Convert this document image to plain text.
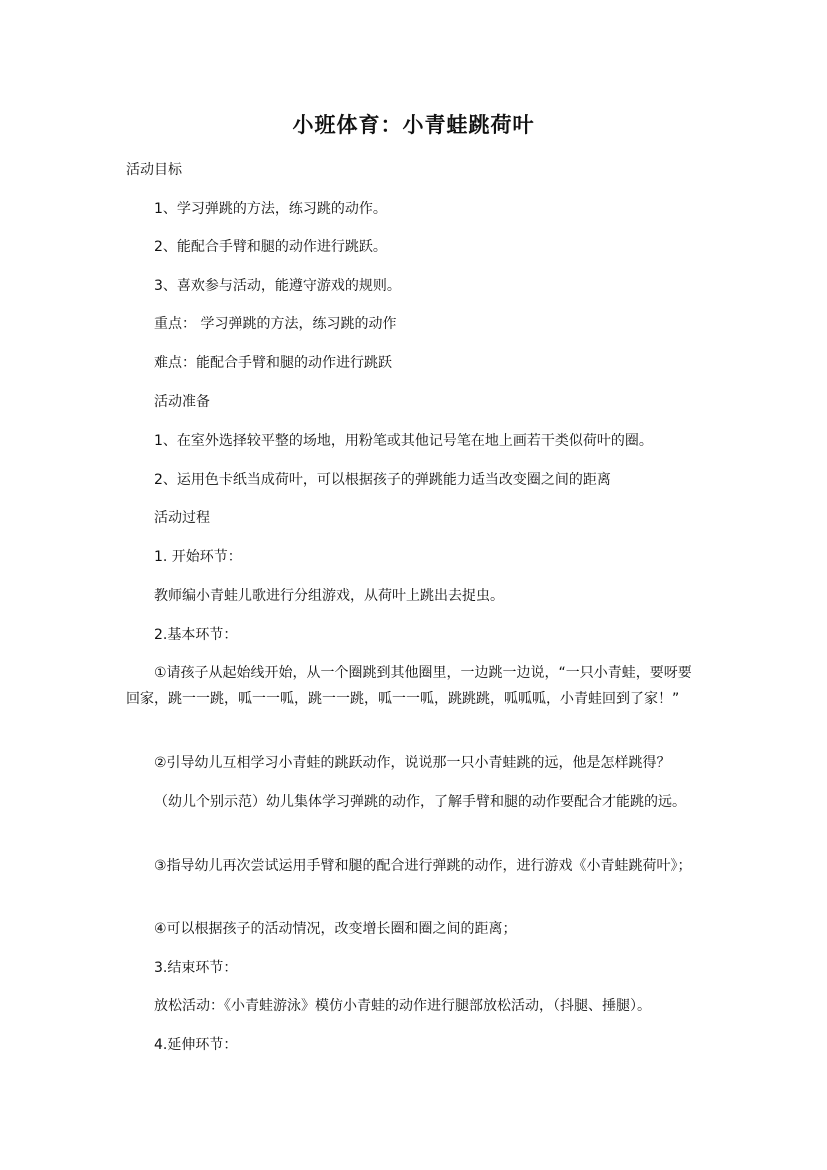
小班体育：小青蛙跳荷叶
活动目标
1、学习弹跳的方法，练习跳的动作。
2、能配合手臂和腿的动作进行跳跃。
3、喜欢参与活动，能遵守游戏的规则。
重点： 学习弹跳的方法，练习跳的动作
难点：能配合手臂和腿的动作进行跳跃
活动准备
1、在室外选择较平整的场地，用粉笔或其他记号笔在地上画若干类似荷叶的圈。
2、运用色卡纸当成荷叶，可以根据孩子的弹跳能力适当改变圈之间的距离
活动过程
1. 开始环节：
教师编小青蛙儿歌进行分组游戏，从荷叶上跳出去捉虫。
2.基本环节：
①请孩子从起始线开始，从一个圈跳到其他圈里，一边跳一边说，“一只小青蛙，要呀要回家，跳一一跳，呱一一呱，跳一一跳，呱一一呱，跳跳跳，呱呱呱，小青蛙回到了家！”
②引导幼儿互相学习小青蛙的跳跃动作，说说那一只小青蛙跳的远，他是怎样跳得？
（幼儿个别示范）幼儿集体学习弹跳的动作，了解手臂和腿的动作要配合才能跳的远。
③指导幼儿再次尝试运用手臂和腿的配合进行弹跳的动作，进行游戏《小青蛙跳荷叶》；
④可以根据孩子的活动情况，改变增长圈和圈之间的距离；
3.结束环节：
放松活动：《小青蛙游泳》模仿小青蛙的动作进行腿部放松活动，（抖腿、捶腿）。
4.延伸环节：
